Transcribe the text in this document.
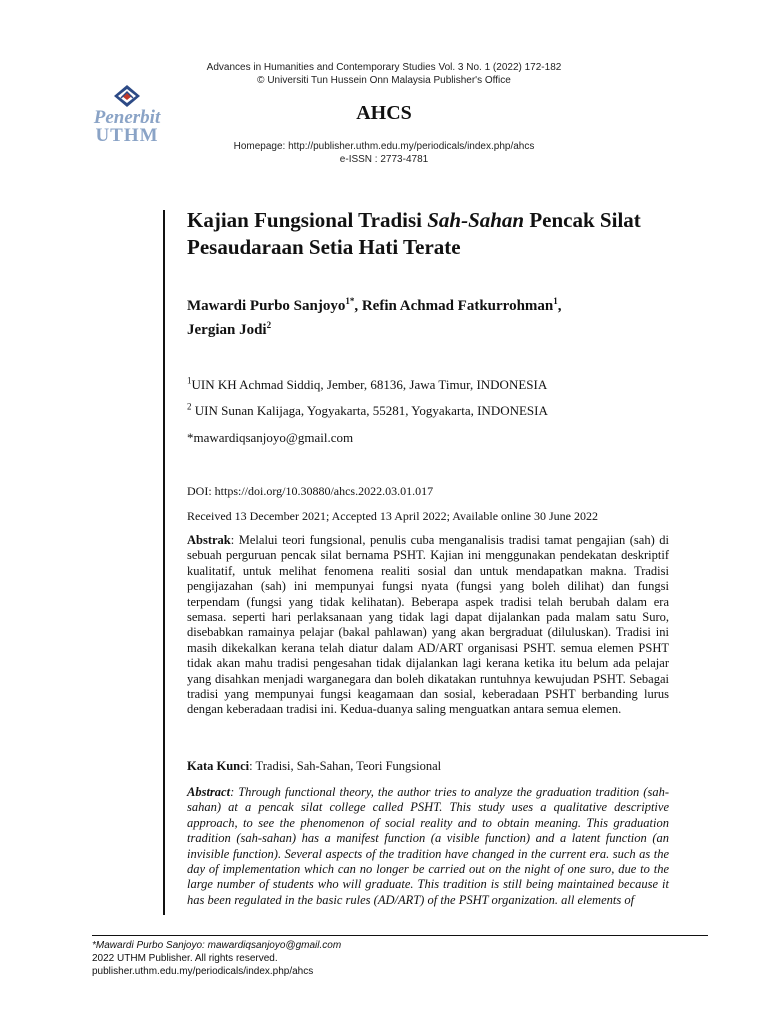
Advances in Humanities and Contemporary Studies Vol. 3 No. 1 (2022) 172-182
© Universiti Tun Hussein Onn Malaysia Publisher's Office
Penerbit
UTHM
AHCS
Homepage: http://publisher.uthm.edu.my/periodicals/index.php/ahcs
e-ISSN : 2773-4781
Kajian Fungsional Tradisi Sah-Sahan Pencak Silat Pesaudaraan Setia Hati Terate
Mawardi Purbo Sanjoyo$^{1*}$, Refin Achmad Fatkurrohman$^1$,
Jergian Jodi$^2$
$^1$UIN KH Achmad Siddiq, Jember, 68136, Jawa Timur, INDONESIA
$^2$ UIN Sunan Kalijaga, Yogyakarta, 55281, Yogyakarta, INDONESIA
*mawardiqsanjoyo@gmail.com
DOI: https://doi.org/10.30880/ahcs.2022.03.01.017
Received 13 December 2021; Accepted 13 April 2022; Available online 30 June 2022
Abstrak: Melalui teori fungsional, penulis cuba menganalisis tradisi tamat pengajian (sah) di sebuah perguruan pencak silat bernama PSHT. Kajian ini menggunakan pendekatan deskriptif kualitatif, untuk melihat fenomena realiti sosial dan untuk mendapatkan makna. Tradisi pengijazahan (sah) ini mempunyai fungsi nyata (fungsi yang boleh dilihat) dan fungsi terpendam (fungsi yang tidak kelihatan). Beberapa aspek tradisi telah berubah dalam era semasa. seperti hari perlaksanaan yang tidak lagi dapat dijalankan pada malam satu Suro, disebabkan ramainya pelajar (bakal pahlawan) yang akan bergraduat (diluluskan). Tradisi ini masih dikekalkan kerana telah diatur dalam AD/ART organisasi PSHT. semua elemen PSHT tidak akan mahu tradisi pengesahan tidak dijalankan lagi kerana ketika itu belum ada pelajar yang disahkan menjadi warganegara dan boleh dikatakan runtuhnya kewujudan PSHT. Sebagai tradisi yang mempunyai fungsi keagamaan dan sosial, keberadaan PSHT berbanding lurus dengan keberadaan tradisi ini. Kedua-duanya saling menguatkan antara semua elemen.
Kata Kunci: Tradisi, Sah-Sahan, Teori Fungsional
Abstract: Through functional theory, the author tries to analyze the graduation tradition (sah-sahan) at a pencak silat college called PSHT. This study uses a qualitative descriptive approach, to see the phenomenon of social reality and to obtain meaning. This graduation tradition (sah-sahan) has a manifest function (a visible function) and a latent function (an invisible function). Several aspects of the tradition have changed in the current era. such as the day of implementation which can no longer be carried out on the night of one suro, due to the large number of students who will graduate. This tradition is still being maintained because it has been regulated in the basic rules (AD/ART) of the PSHT organization. all elements of
*Mawardi Purbo Sanjoyo: mawardiqsanjoyo@gmail.com
2022 UTHM Publisher. All rights reserved.
publisher.uthm.edu.my/periodicals/index.php/ahcs
